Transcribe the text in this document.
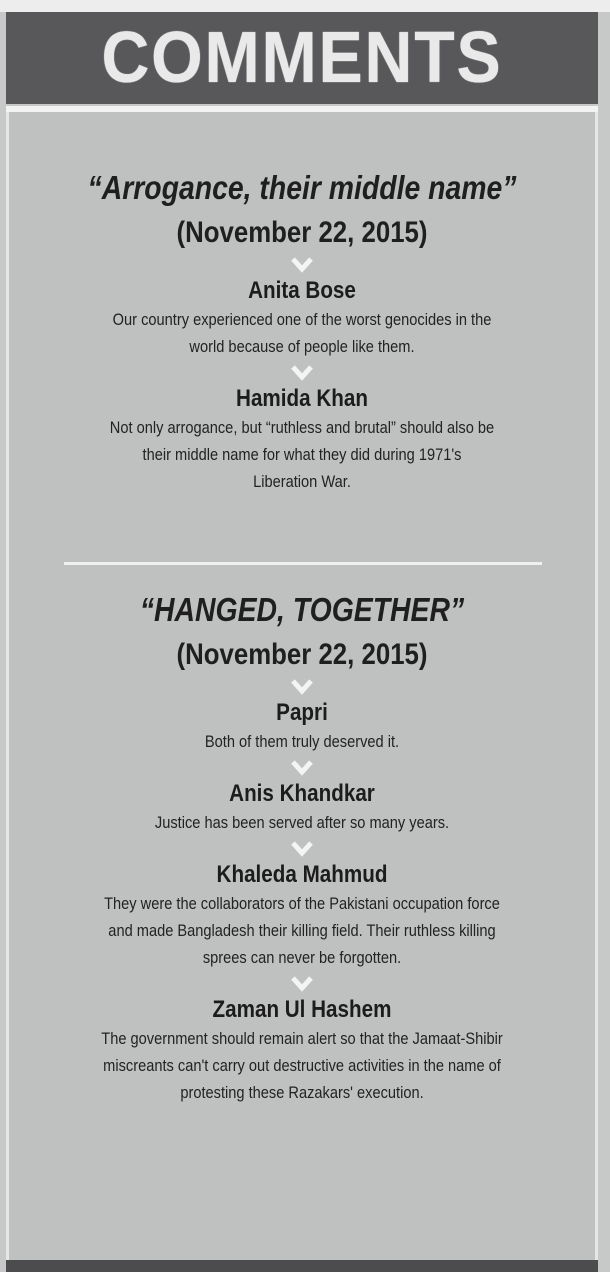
COMMENTS
“Arrogance, their middle name”
(November 22, 2015)
Anita Bose
Our country experienced one of the worst genocides in the
world because of people like them.
Hamida Khan
Not only arrogance, but “ruthless and brutal” should also be
their middle name for what they did during 1971's
Liberation War.
“HANGED, TOGETHER”
(November 22, 2015)
Papri
Both of them truly deserved it.
Anis Khandkar
Justice has been served after so many years.
Khaleda Mahmud
They were the collaborators of the Pakistani occupation force
and made Bangladesh their killing field. Their ruthless killing
sprees can never be forgotten.
Zaman Ul Hashem
The government should remain alert so that the Jamaat-Shibir
miscreants can't carry out destructive activities in the name of
protesting these Razakars' execution.
